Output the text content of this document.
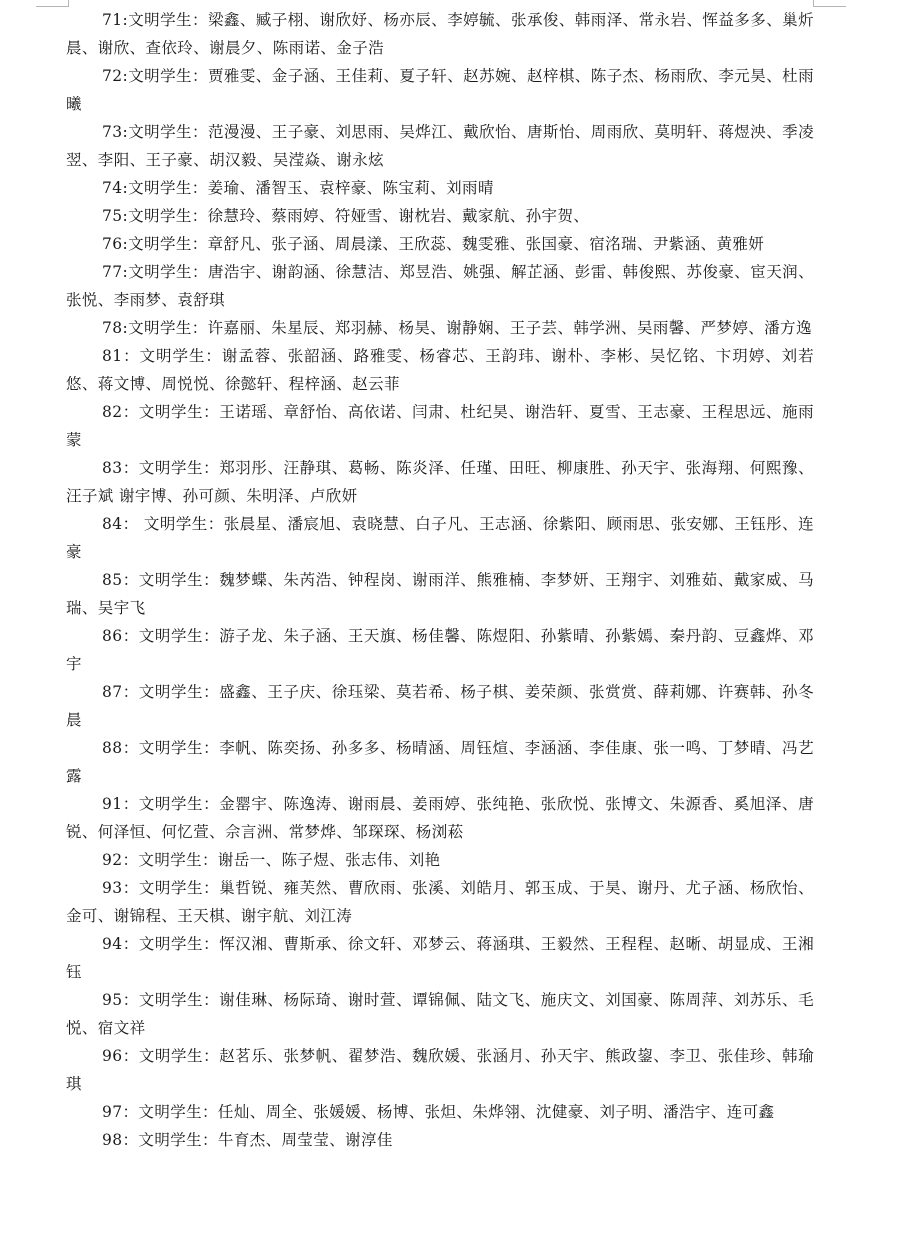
71:文明学生：梁鑫、臧子栩、谢欣妤、杨亦辰、李婷毓、张承俊、韩雨泽、常永岩、恽益多多、巢炘晨、谢欣、查依玲、谢晨夕、陈雨诺、金子浩

72:文明学生：贾雅雯、金子涵、王佳莉、夏子轩、赵苏婉、赵梓棋、陈子杰、杨雨欣、李元昊、杜雨曦

73:文明学生：范漫漫、王子豪、刘思雨、吴烨江、戴欣怡、唐斯怡、周雨欣、莫明轩、蒋煜泱、季凌翌、李阳、王子豪、胡汉毅、吴滢焱、谢永炫

74:文明学生：姜瑜、潘智玉、袁梓豪、陈宝莉、刘雨晴

75:文明学生：徐慧玲、蔡雨婷、符娅雪、谢枕岩、戴家航、孙宇贺、

76:文明学生：章舒凡、张子涵、周晨漾、王欣蕊、魏雯雅、张国豪、宿洺瑞、尹紫涵、黄雅妍

77:文明学生：唐浩宇、谢韵涵、徐慧洁、郑昱浩、姚强、解芷涵、彭雷、韩俊熙、苏俊豪、宦天润、张悦、李雨梦、袁舒琪

78:文明学生：许嘉丽、朱星辰、郑羽赫、杨昊、谢静娴、王子芸、韩学洲、吴雨馨、严梦婷、潘方逸

81：文明学生：谢孟蓉、张韶涵、路雅雯、杨睿芯、王韵玮、谢朴、李彬、吴忆铭、卞玥婷、刘若悠、蒋文博、周悦悦、徐懿轩、程梓涵、赵云菲

82：文明学生：王诺瑶、章舒怡、高依诺、闫肃、杜纪昊、谢浩轩、夏雪、王志豪、王程思远、施雨蒙

83：文明学生：郑羽彤、汪静琪、葛畅、陈炎泽、任瑾、田旺、柳康胜、孙天宇、张海翔、何熙豫、汪子斌 谢宇博、孙可颜、朱明泽、卢欣妍

84： 文明学生：张晨星、潘宸旭、袁晓慧、白子凡、王志涵、徐紫阳、顾雨思、张安娜、王钰彤、连豪

85：文明学生：魏梦蝶、朱芮浩、钟程岗、谢雨洋、熊雅楠、李梦妍、王翔宇、刘雅茹、戴家威、马瑞、吴宇飞

86：文明学生：游子龙、朱子涵、王天旗、杨佳馨、陈煜阳、孙紫晴、孙紫嫣、秦丹韵、豆鑫烨、邓宇

87：文明学生：盛鑫、王子庆、徐珏梁、莫若希、杨子棋、姜荣颜、张赏赏、薛莉娜、许赛韩、孙冬晨

88：文明学生：李帆、陈奕扬、孙多多、杨晴涵、周钰煊、李涵涵、李佳康、张一鸣、丁梦晴、冯艺露

91：文明学生：金罂宇、陈逸涛、谢雨晨、姜雨婷、张纯艳、张欣悦、张博文、朱源香、奚旭泽、唐锐、何泽恒、何忆萱、佘言洲、常梦烨、邹琛琛、杨浏菘

92：文明学生：谢岳一、陈子煜、张志伟、刘艳

93：文明学生：巢哲锐、雍芙然、曹欣雨、张溪、刘皓月、郭玉成、于昊、谢丹、尤子涵、杨欣怡、金可、谢锦程、王天棋、谢宇航、刘江涛

94：文明学生：恽汉湘、曹斯承、徐文轩、邓梦云、蒋涵琪、王毅然、王程程、赵晰、胡显成、王湘钰

95：文明学生：谢佳琳、杨际琦、谢时萱、谭锦佩、陆文飞、施庆文、刘国豪、陈周萍、刘苏乐、毛悦、宿文祥

96：文明学生：赵茗乐、张梦帆、翟梦浩、魏欣媛、张涵月、孙天宇、熊政鋆、李卫、张佳珍、韩瑜琪

97：文明学生：任灿、周全、张媛媛、杨博、张炟、朱烨翎、沈健豪、刘子明、潘浩宇、连可鑫

98：文明学生：牛育杰、周莹莹、谢淳佳
